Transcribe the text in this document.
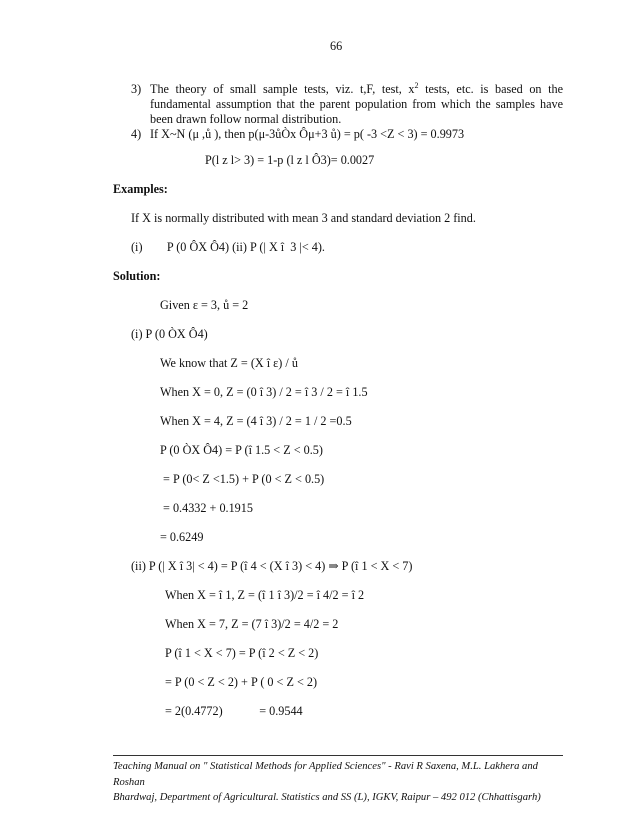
66
3) The theory of small sample tests, viz. t,F, test, $x^2$ tests, etc. is based on the
fundamental assumption that the parent population from which the samples have
been drawn follow normal distribution.
4) If X~N (μ ,ů ), then p(μ-3ůÒx Ôμ+3 ů) = p( -3 <Z < 3) = 0.9973
P(l z l> 3) = 1-p (l z l Ô3)= 0.0027
Examples:
If X is normally distributed with mean 3 and standard deviation 2 find.
(i)        P (0 ÔX Ô4) (ii) P (| X î  3 |< 4).
Solution:
Given ε = 3, ů = 2
(i) P (0 ÒX Ô4)
We know that Z = (X î ε) / ů
When X = 0, Z = (0 î 3) / 2 = î 3 / 2 = î 1.5
When X = 4, Z = (4 î 3) / 2 = 1 / 2 =0.5
P (0 ÒX Ô4) = P (î 1.5 < Z < 0.5)
= P (0< Z <1.5) + P (0 < Z < 0.5)
= 0.4332 + 0.1915
= 0.6249
(ii) P (| X î 3| < 4) = P (î 4 < (X î 3) < 4) ⇒ P (î 1 < X < 7)
When X = î 1, Z = (î 1 î 3)/2 = î 4/2 = î 2
When X = 7, Z = (7 î 3)/2 = 4/2 = 2
P (î 1 < X < 7) = P (î 2 < Z < 2)
= P (0 < Z < 2) + P ( 0 < Z < 2)
= 2(0.4772)            = 0.9544
Teaching Manual on " Statistical Methods for Applied Sciences" - Ravi R Saxena, M.L. Lakhera and Roshan
Bhardwaj, Department of Agricultural. Statistics and SS (L), IGKV, Raipur – 492 012 (Chhattisgarh)
